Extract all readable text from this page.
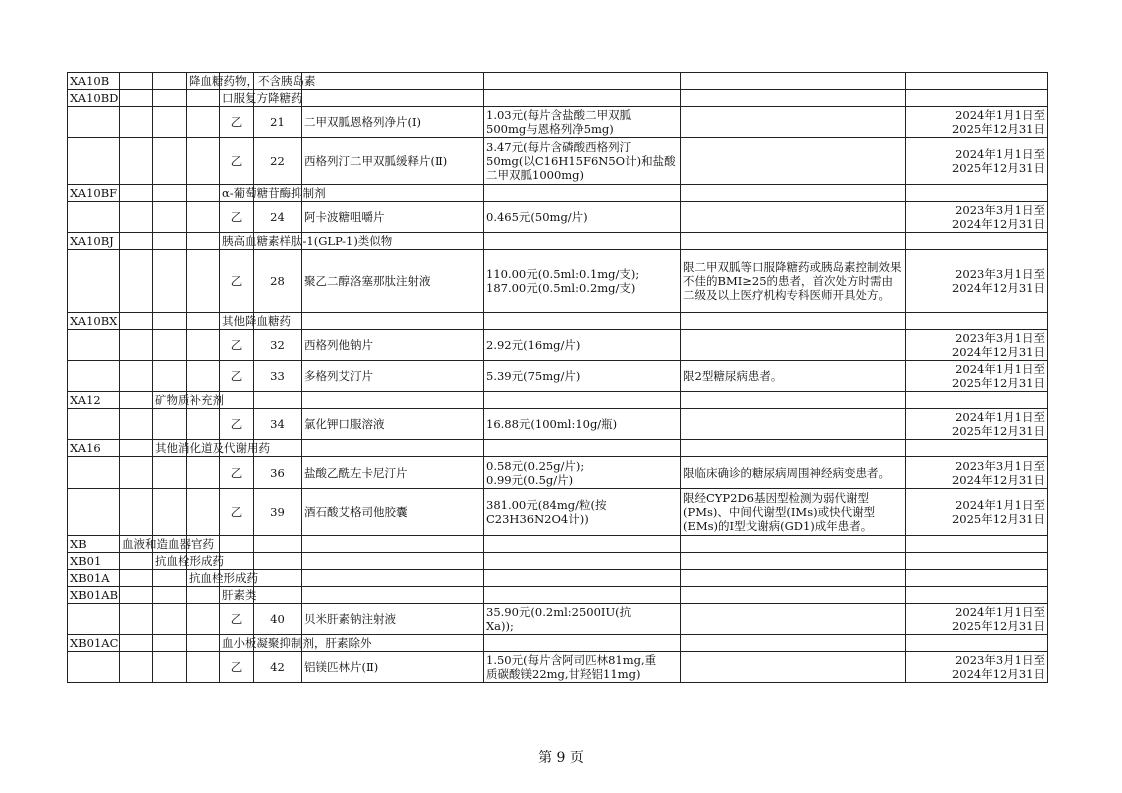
XA10B			降血糖药物，不含胰岛素						
XA10BD				口服复方降糖药					
				乙	21	二甲双胍恩格列净片(Ⅰ)	1.03元(每片含盐酸二甲双胍
500mg与恩格列净5mg)		2024年1月1日至
2025年12月31日
				乙	22	西格列汀二甲双胍缓释片(Ⅱ)	3.47元(每片含磷酸西格列汀
50mg(以C16H15F6N5O计)和盐酸
二甲双胍1000mg)		2024年1月1日至
2025年12月31日
XA10BF				α-葡萄糖苷酶抑制剂					
				乙	24	阿卡波糖咀嚼片	0.465元(50mg/片)		2023年3月1日至
2024年12月31日
XA10BJ				胰高血糖素样肽-1(GLP-1)类似物					
				乙	28	聚乙二醇洛塞那肽注射液	110.00元(0.5ml:0.1mg/支);
187.00元(0.5ml:0.2mg/支)	限二甲双胍等口服降糖药或胰岛素控制效果不佳的BMI≥25的患者，首次处方时需由二级及以上医疗机构专科医师开具处方。	2023年3月1日至
2024年12月31日
XA10BX				其他降血糖药					
				乙	32	西格列他钠片	2.92元(16mg/片)		2023年3月1日至
2024年12月31日
				乙	33	多格列艾汀片	5.39元(75mg/片)	限2型糖尿病患者。	2024年1月1日至
2025年12月31日
XA12		矿物质补充剂							
				乙	34	氯化钾口服溶液	16.88元(100ml:10g/瓶)		2024年1月1日至
2025年12月31日
XA16		其他消化道及代谢用药							
				乙	36	盐酸乙酰左卡尼汀片	0.58元(0.25g/片);
0.99元(0.5g/片)	限临床确诊的糖尿病周围神经病变患者。	2023年3月1日至
2024年12月31日
				乙	39	酒石酸艾格司他胶囊	381.00元(84mg/粒(按
C23H36N2O4计))	限经CYP2D6基因型检测为弱代谢型(PMs)、中间代谢型(IMs)或快代谢型(EMs)的Ⅰ型戈谢病(GD1)成年患者。	2024年1月1日至
2025年12月31日
XB	血液和造血器官药								
XB01		抗血栓形成药							
XB01A			抗血栓形成药						
XB01AB				肝素类					
				乙	40	贝米肝素钠注射液	35.90元(0.2ml:2500IU(抗
Xa));		2024年1月1日至
2025年12月31日
XB01AC				血小板凝聚抑制剂，肝素除外					
				乙	42	铝镁匹林片(Ⅱ)	1.50元(每片含阿司匹林81mg,重
质碳酸镁22mg,甘羟铝11mg)		2023年3月1日至
2024年12月31日
第 9 页
